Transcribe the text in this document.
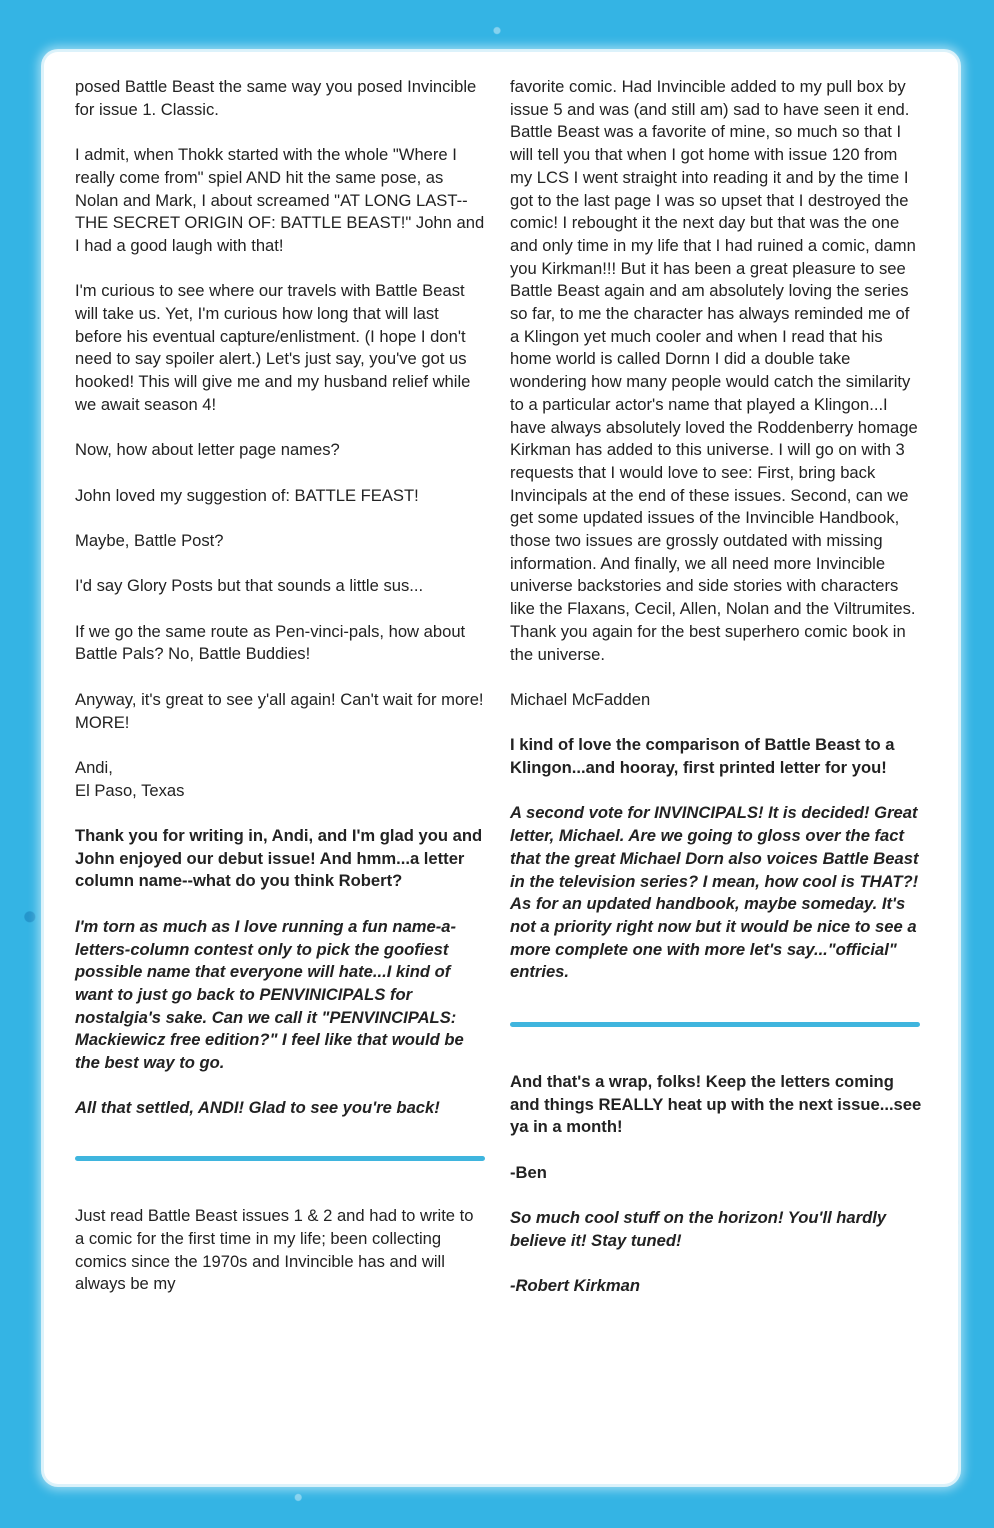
posed Battle Beast the same way you posed Invincible for issue 1. Classic.

I admit, when Thokk started with the whole "Where I really come from" spiel AND hit the same pose, as Nolan and Mark, I about screamed "AT LONG LAST--THE SECRET ORIGIN OF: BATTLE BEAST!" John and I had a good laugh with that!

I'm curious to see where our travels with Battle Beast will take us. Yet, I'm curious how long that will last before his eventual capture/enlistment. (I hope I don't need to say spoiler alert.) Let's just say, you've got us hooked! This will give me and my husband relief while we await season 4!

Now, how about letter page names?

John loved my suggestion of: BATTLE FEAST!

Maybe, Battle Post?

I'd say Glory Posts but that sounds a little sus...

If we go the same route as Pen-vinci-pals, how about Battle Pals? No, Battle Buddies!

Anyway, it's great to see y'all again! Can't wait for more! MORE!

Andi,

El Paso, Texas

Thank you for writing in, Andi, and I'm glad you and John enjoyed our debut issue! And hmm...a letter column name--what do you think Robert?

I'm torn as much as I love running a fun name-a-letters-column contest only to pick the goofiest possible name that everyone will hate...I kind of want to just go back to PENVINICIPALS for nostalgia's sake. Can we call it "PENVINCIPALS: Mackiewicz free edition?" I feel like that would be the best way to go.

All that settled, ANDI! Glad to see you're back!

Just read Battle Beast issues 1 & 2 and had to write to a comic for the first time in my life; been collecting comics since the 1970s and Invincible has and will always be my

favorite comic. Had Invincible added to my pull box by issue 5 and was (and still am) sad to have seen it end. Battle Beast was a favorite of mine, so much so that I will tell you that when I got home with issue 120 from my LCS I went straight into reading it and by the time I got to the last page I was so upset that I destroyed the comic! I rebought it the next day but that was the one and only time in my life that I had ruined a comic, damn you Kirkman!!! But it has been a great pleasure to see Battle Beast again and am absolutely loving the series so far, to me the character has always reminded me of a Klingon yet much cooler and when I read that his home world is called Dornn I did a double take wondering how many people would catch the similarity to a particular actor's name that played a Klingon...I have always absolutely loved the Roddenberry homage Kirkman has added to this universe. I will go on with 3 requests that I would love to see: First, bring back Invincipals at the end of these issues. Second, can we get some updated issues of the Invincible Handbook, those two issues are grossly outdated with missing information. And finally, we all need more Invincible universe backstories and side stories with characters like the Flaxans, Cecil, Allen, Nolan and the Viltrumites. Thank you again for the best superhero comic book in the universe.

Michael McFadden

I kind of love the comparison of Battle Beast to a Klingon...and hooray, first printed letter for you!

A second vote for INVINCIPALS! It is decided! Great letter, Michael. Are we going to gloss over the fact that the great Michael Dorn also voices Battle Beast in the television series? I mean, how cool is THAT?! As for an updated handbook, maybe someday. It's not a priority right now but it would be nice to see a more complete one with more let's say..."official" entries.

And that's a wrap, folks! Keep the letters coming and things REALLY heat up with the next issue...see ya in a month!

-Ben

So much cool stuff on the horizon! You'll hardly believe it! Stay tuned!

-Robert Kirkman
